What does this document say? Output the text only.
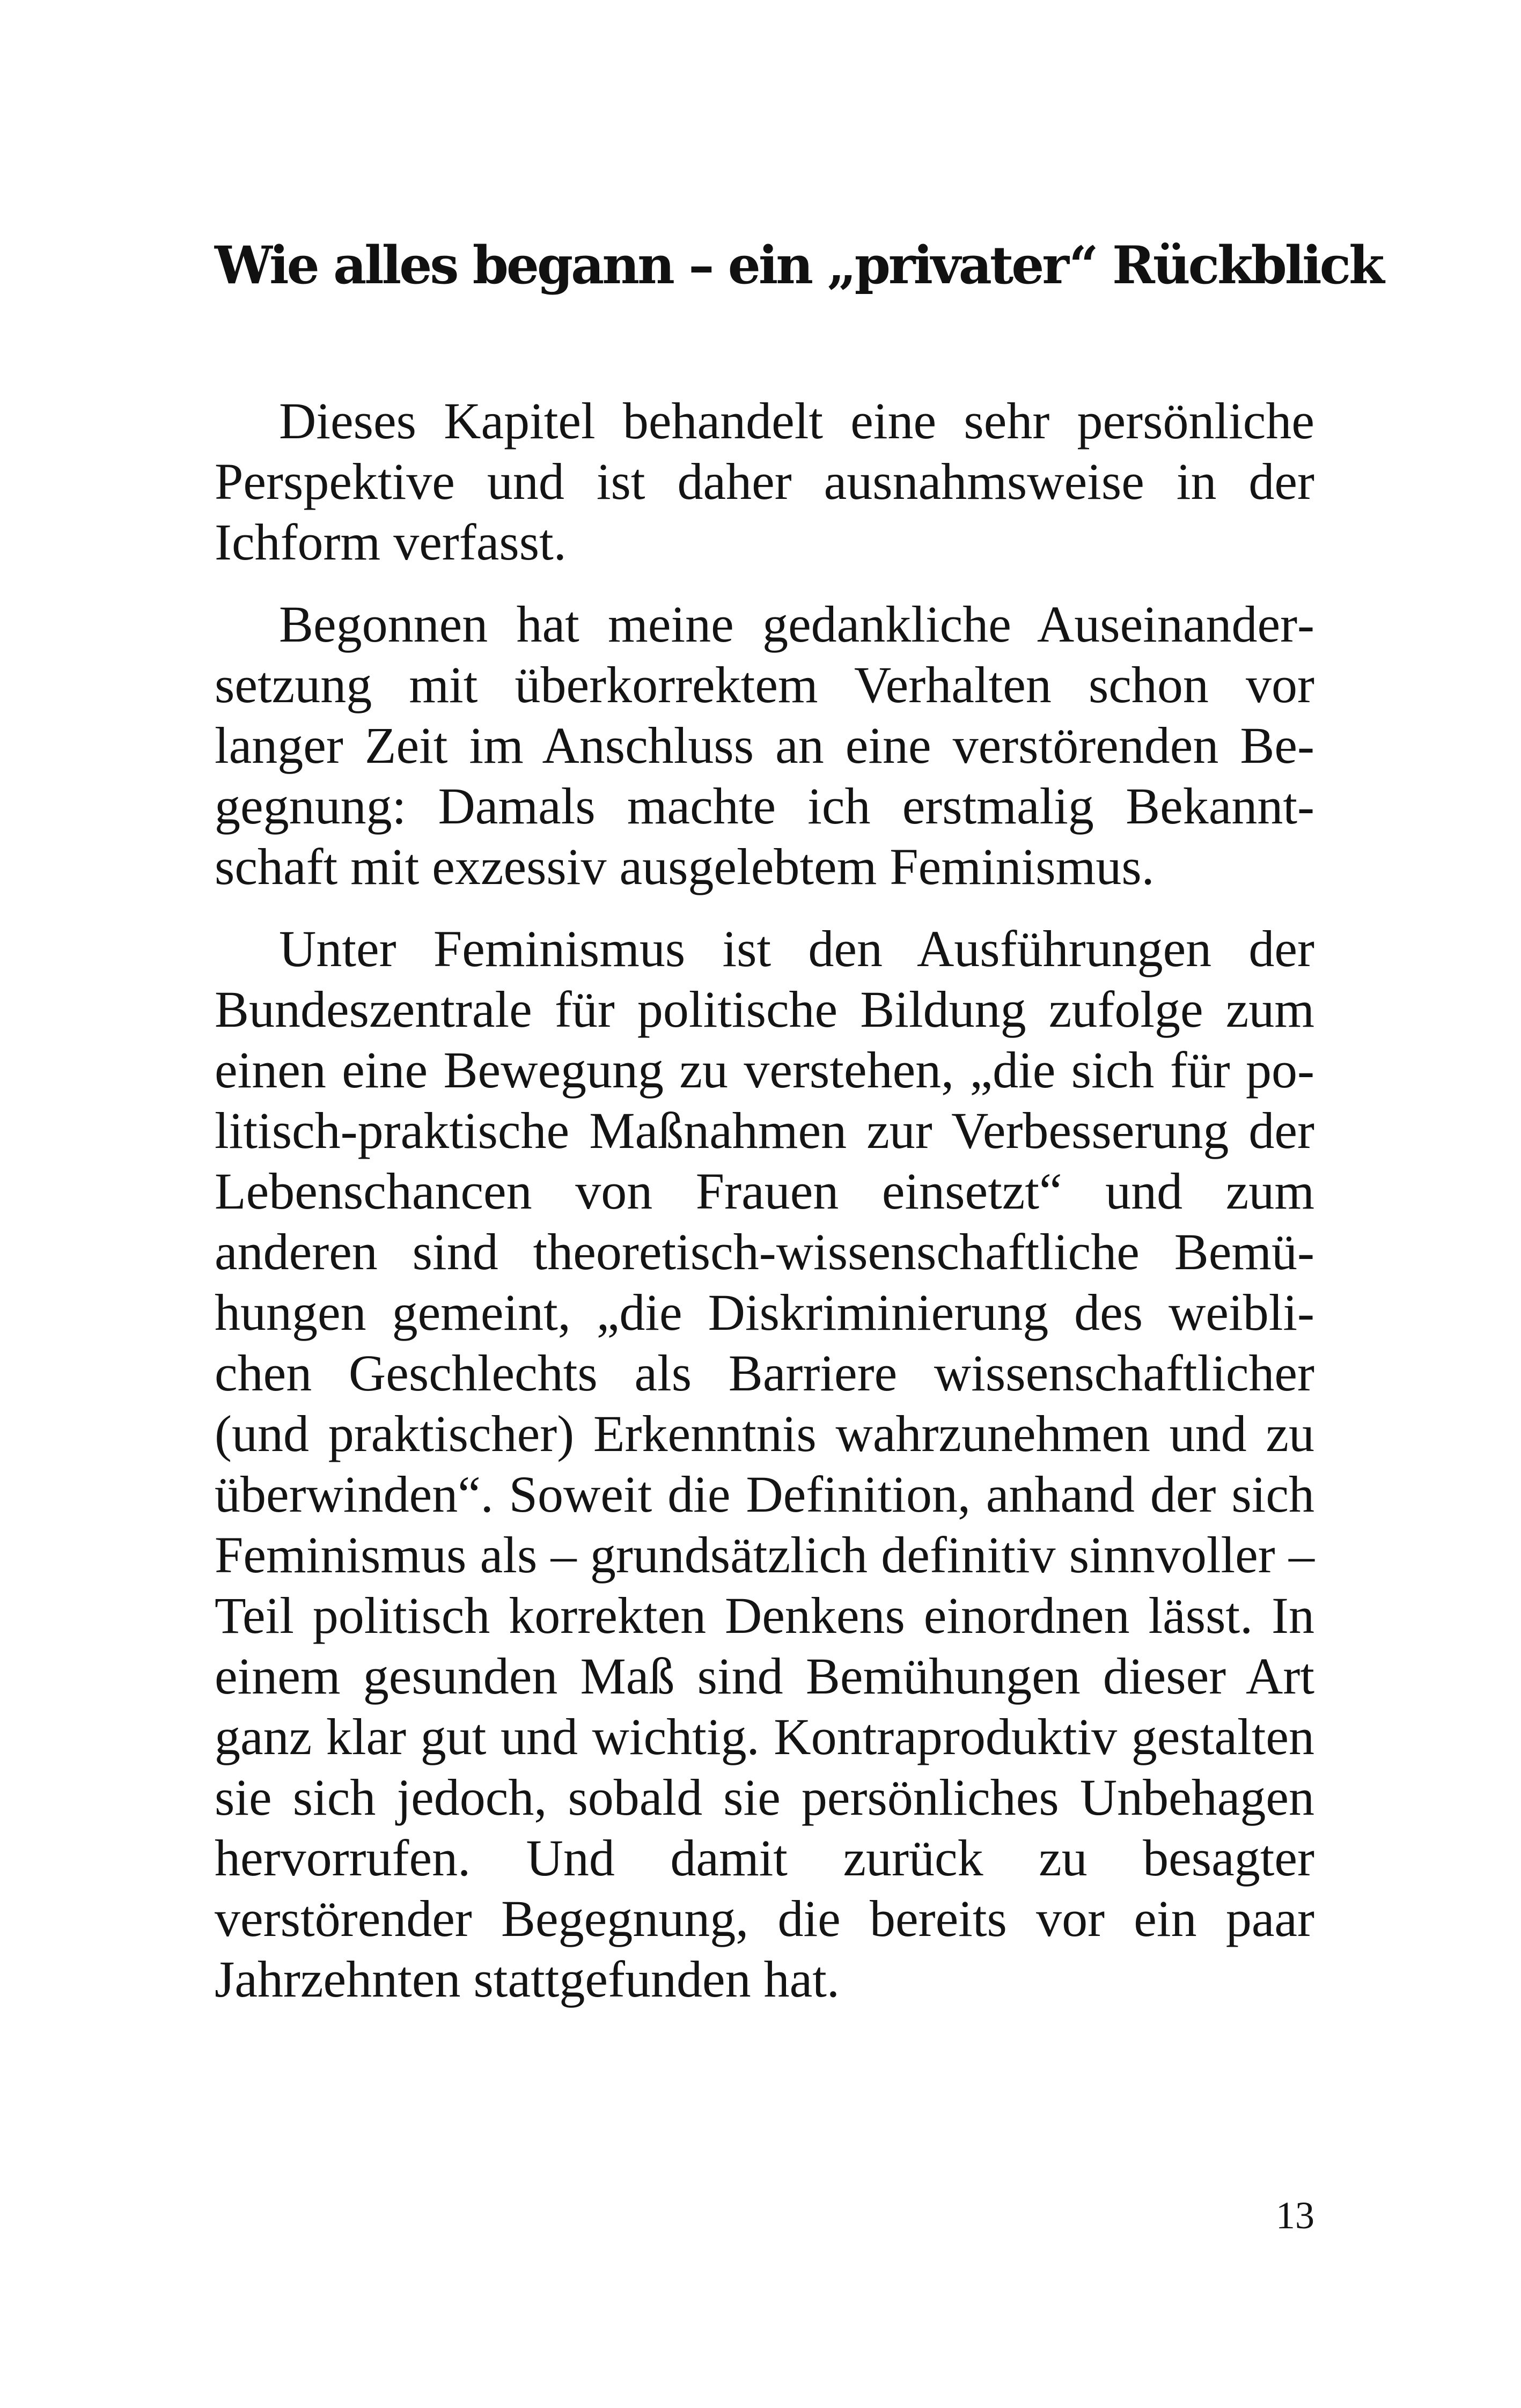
Wie alles begann – ein „privater“ Rückblick

Dieses Kapitel behandelt eine sehr persönliche Perspektive und ist daher ausnahmsweise in der Ichform verfasst.

Begonnen hat meine gedankliche Auseinandersetzung mit überkorrektem Verhalten schon vor langer Zeit im Anschluss an eine verstörenden Begegnung: Damals machte ich erstmalig Bekanntschaft mit exzessiv ausgelebtem Feminismus.

Unter Feminismus ist den Ausführungen der Bundeszentrale für politische Bildung zufolge zum einen eine Bewegung zu verstehen, „die sich für politisch-praktische Maßnahmen zur Verbesserung der Lebenschancen von Frauen einsetzt“ und zum anderen sind theoretisch-wissenschaftliche Bemühungen gemeint, „die Diskriminierung des weiblichen Geschlechts als Barriere wissenschaftlicher (und praktischer) Erkenntnis wahrzunehmen und zu überwinden“. Soweit die Definition, anhand der sich Feminismus als – grundsätzlich definitiv sinnvoller – Teil politisch korrekten Denkens einordnen lässt. In einem gesunden Maß sind Bemühungen dieser Art ganz klar gut und wichtig. Kontraproduktiv gestalten sie sich jedoch, sobald sie persönliches Unbehagen hervorrufen. Und damit zurück zu besagter verstörender Begegnung, die bereits vor ein paar Jahrzehnten stattgefunden hat.

13
